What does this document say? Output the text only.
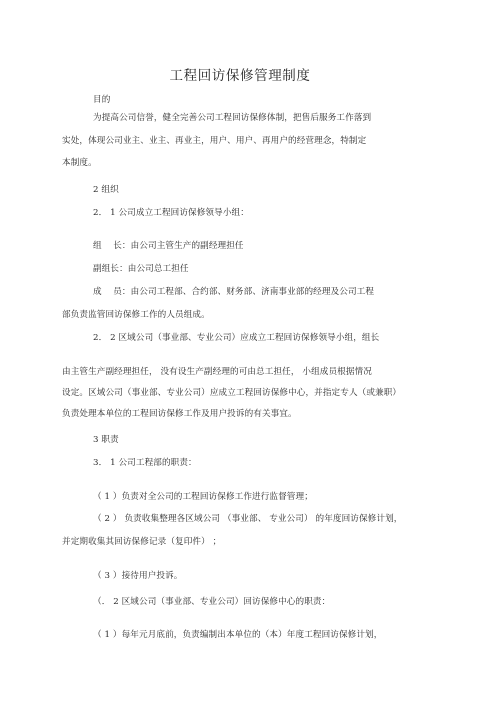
工程回访保修管理制度
目的
为提高公司信誉，健全完善公司工程回访保修体制，把售后服务工作落到
实处，体现公司业主、业主、再业主，用户、用户、再用户的经营理念，特制定
本制度。
2 组织
2． 1 公司成立工程回访保修领导小组：
组　 长：由公司主管生产的副经理担任
副组长：由公司总工担任
成　 员：由公司工程部、合约部、财务部、济南事业部的经理及公司工程
部负责监管回访保修工作的人员组成。
2． 2 区域公司（事业部、专业公司）应成立工程回访保修领导小组，组长
由主管生产副经理担任， 没有设生产副经理的可由总工担任， 小组成员根据情况
设定。 区域公司 （事业部、 专业公司） 应成立工程回访保修中心， 并指定专人 （或 兼职）
负责处理本单位的工程回访保修工作及用户投诉的有关事宜。
3 职责
3． 1 公司工程部的职责：
（ 1 ）负责对全公司的工程回访保修工作进行监督管理；
（ 2 ） 负责收集整理各区域公司 （事业部、 专业公司） 的年度回访保修计划，
并定期收集其回访保修记录（复印件） ；
（ 3 ）接待用户投诉。
（． 2 区域公司（事业部、专业公司）回访保修中心的职责：
（ 1 ）每年元月底前，负责编制出本单位的（本）年度工程回访保修计划，
